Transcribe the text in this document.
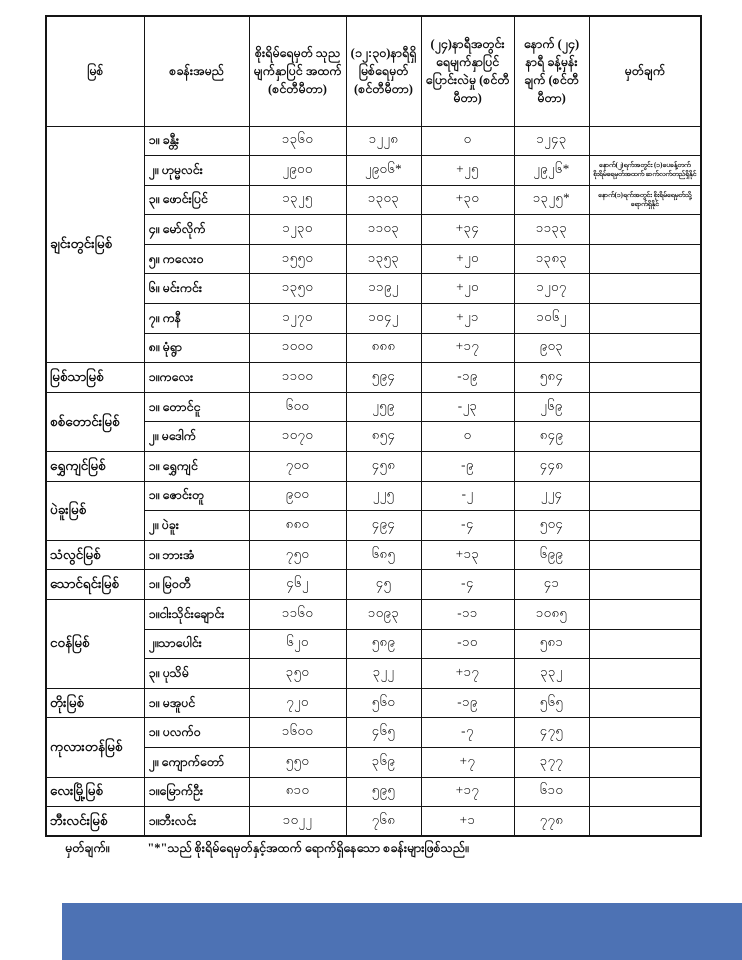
မြစ်	စခန်းအမည်	စိုးရိမ်ရေမှတ် သုညမျက်နှာပြင် အထက် (စင်တီမီတာ)	(၁၂:၃၀)နာရီရှိ မြစ်ရေမှတ် (စင်တီမီတာ)	(၂၄)နာရီအတွင်း ရေမျက်နှာပြင် ပြောင်းလဲမှု (စင်တီမီတာ)	နောက် (၂၄) နာရီ ခန့်မှန်းချက် (စင်တီမီတာ)	မှတ်ချက်
ချင်းတွင်းမြစ်	၁။ ခန္တီး	၁၃၆၀	၁၂၂၈	၀	၁၂၄၃	
	၂။ ဟုမ္မလင်း	၂၉၀၀	၂၉၀၆*	+၂၅	၂၉၂၆*	နောက်(၂)ရက်အတွင်း (၁)ပေခန့်တက် စိုးရိမ်ရေမှတ်အထက် ဆက်လက်တည်ရှိနိုင်
	၃။ ဖောင်းပြင်	၁၃၂၅	၁၃၀၃	+၃၀	၁၃၂၅*	နောက်(၁)ရက်အတွင်း စိုးရိမ်ရေမှတ်သို့ ရောက်ရှိနိုင်
	၄။ မော်လိုက်	၁၂၃၀	၁၁၀၃	+၃၄	၁၁၃၃	
	၅။ ကလေးဝ	၁၅၅၀	၁၃၅၃	+၂၀	၁၃၈၃	
	၆။ မင်းကင်း	၁၃၅၀	၁၁၉၂	+၂၀	၁၂၀၇	
	၇။ ကနီ	၁၂၇၀	၁၀၄၂	+၂၁	၁၀၆၂	
	၈။ မုံရွာ	၁၀၀၀	၈၈၈	+၁၇	၉၀၃	
မြစ်သာမြစ်	၁။ကလေး	၁၁၀၀	၅၉၄	-၁၉	၅၈၄	
စစ်တောင်းမြစ်	၁။ တောင်ငူ	၆၀၀	၂၅၉	-၂၃	၂၆၉	
	၂။ မဒေါက်	၁၀၇၀	၈၅၄	၀	၈၄၉	
ရွှေကျင်မြစ်	၁။ ရွှေကျင်	၇၀၀	၄၅၈	-၉	၄၄၈	
ပဲခူးမြစ်	၁။ ဇောင်းတူ	၉၀၀	၂၂၅	-၂	၂၂၄	
	၂။ ပဲခူး	၈၈၀	၄၉၄	-၄	၅၀၄	
သံလွင်မြစ်	၁။ ဘားအံ	၇၅၀	၆၈၅	+၁၃	၆၉၉	
သောင်ရင်းမြစ်	၁။ မြဝတီ	၄၆၂	၄၅	-၄	၄၁	
ငဝန်မြစ်	၁။ငါးသိုင်းချောင်း	၁၁၆၀	၁၀၉၃	-၁၁	၁၀၈၅	
	၂။သာပေါင်း	၆၂၀	၅၈၉	-၁၀	၅၈၁	
	၃။ ပုသိမ်	၃၅၀	၃၂၂	+၁၇	၃၃၂	
တိုးမြစ်	၁။ မအူပင်	၇၂၀	၅၆၀	-၁၉	၅၆၅	
ကုလားတန်မြစ်	၁။ ပလက်ဝ	၁၆၀၀	၄၆၅	-၇	၄၇၅	
	၂။ ကျောက်တော်	၅၅၀	၃၆၉	+၇	၃၇၇	
လေးမြို့မြစ်	၁။မြောက်ဦး	၈၁၀	၅၉၅	+၁၇	၆၁၀	
ဘီးလင်းမြစ်	၁။ဘီးလင်း	၁၀၂၂	၇၆၈	+၁	၇၇၈	
မှတ်ချက်။	"*"သည် စိုးရိမ်ရေမှတ်နှင့်အထက် ရောက်ရှိနေသော စခန်းများဖြစ်သည်။
